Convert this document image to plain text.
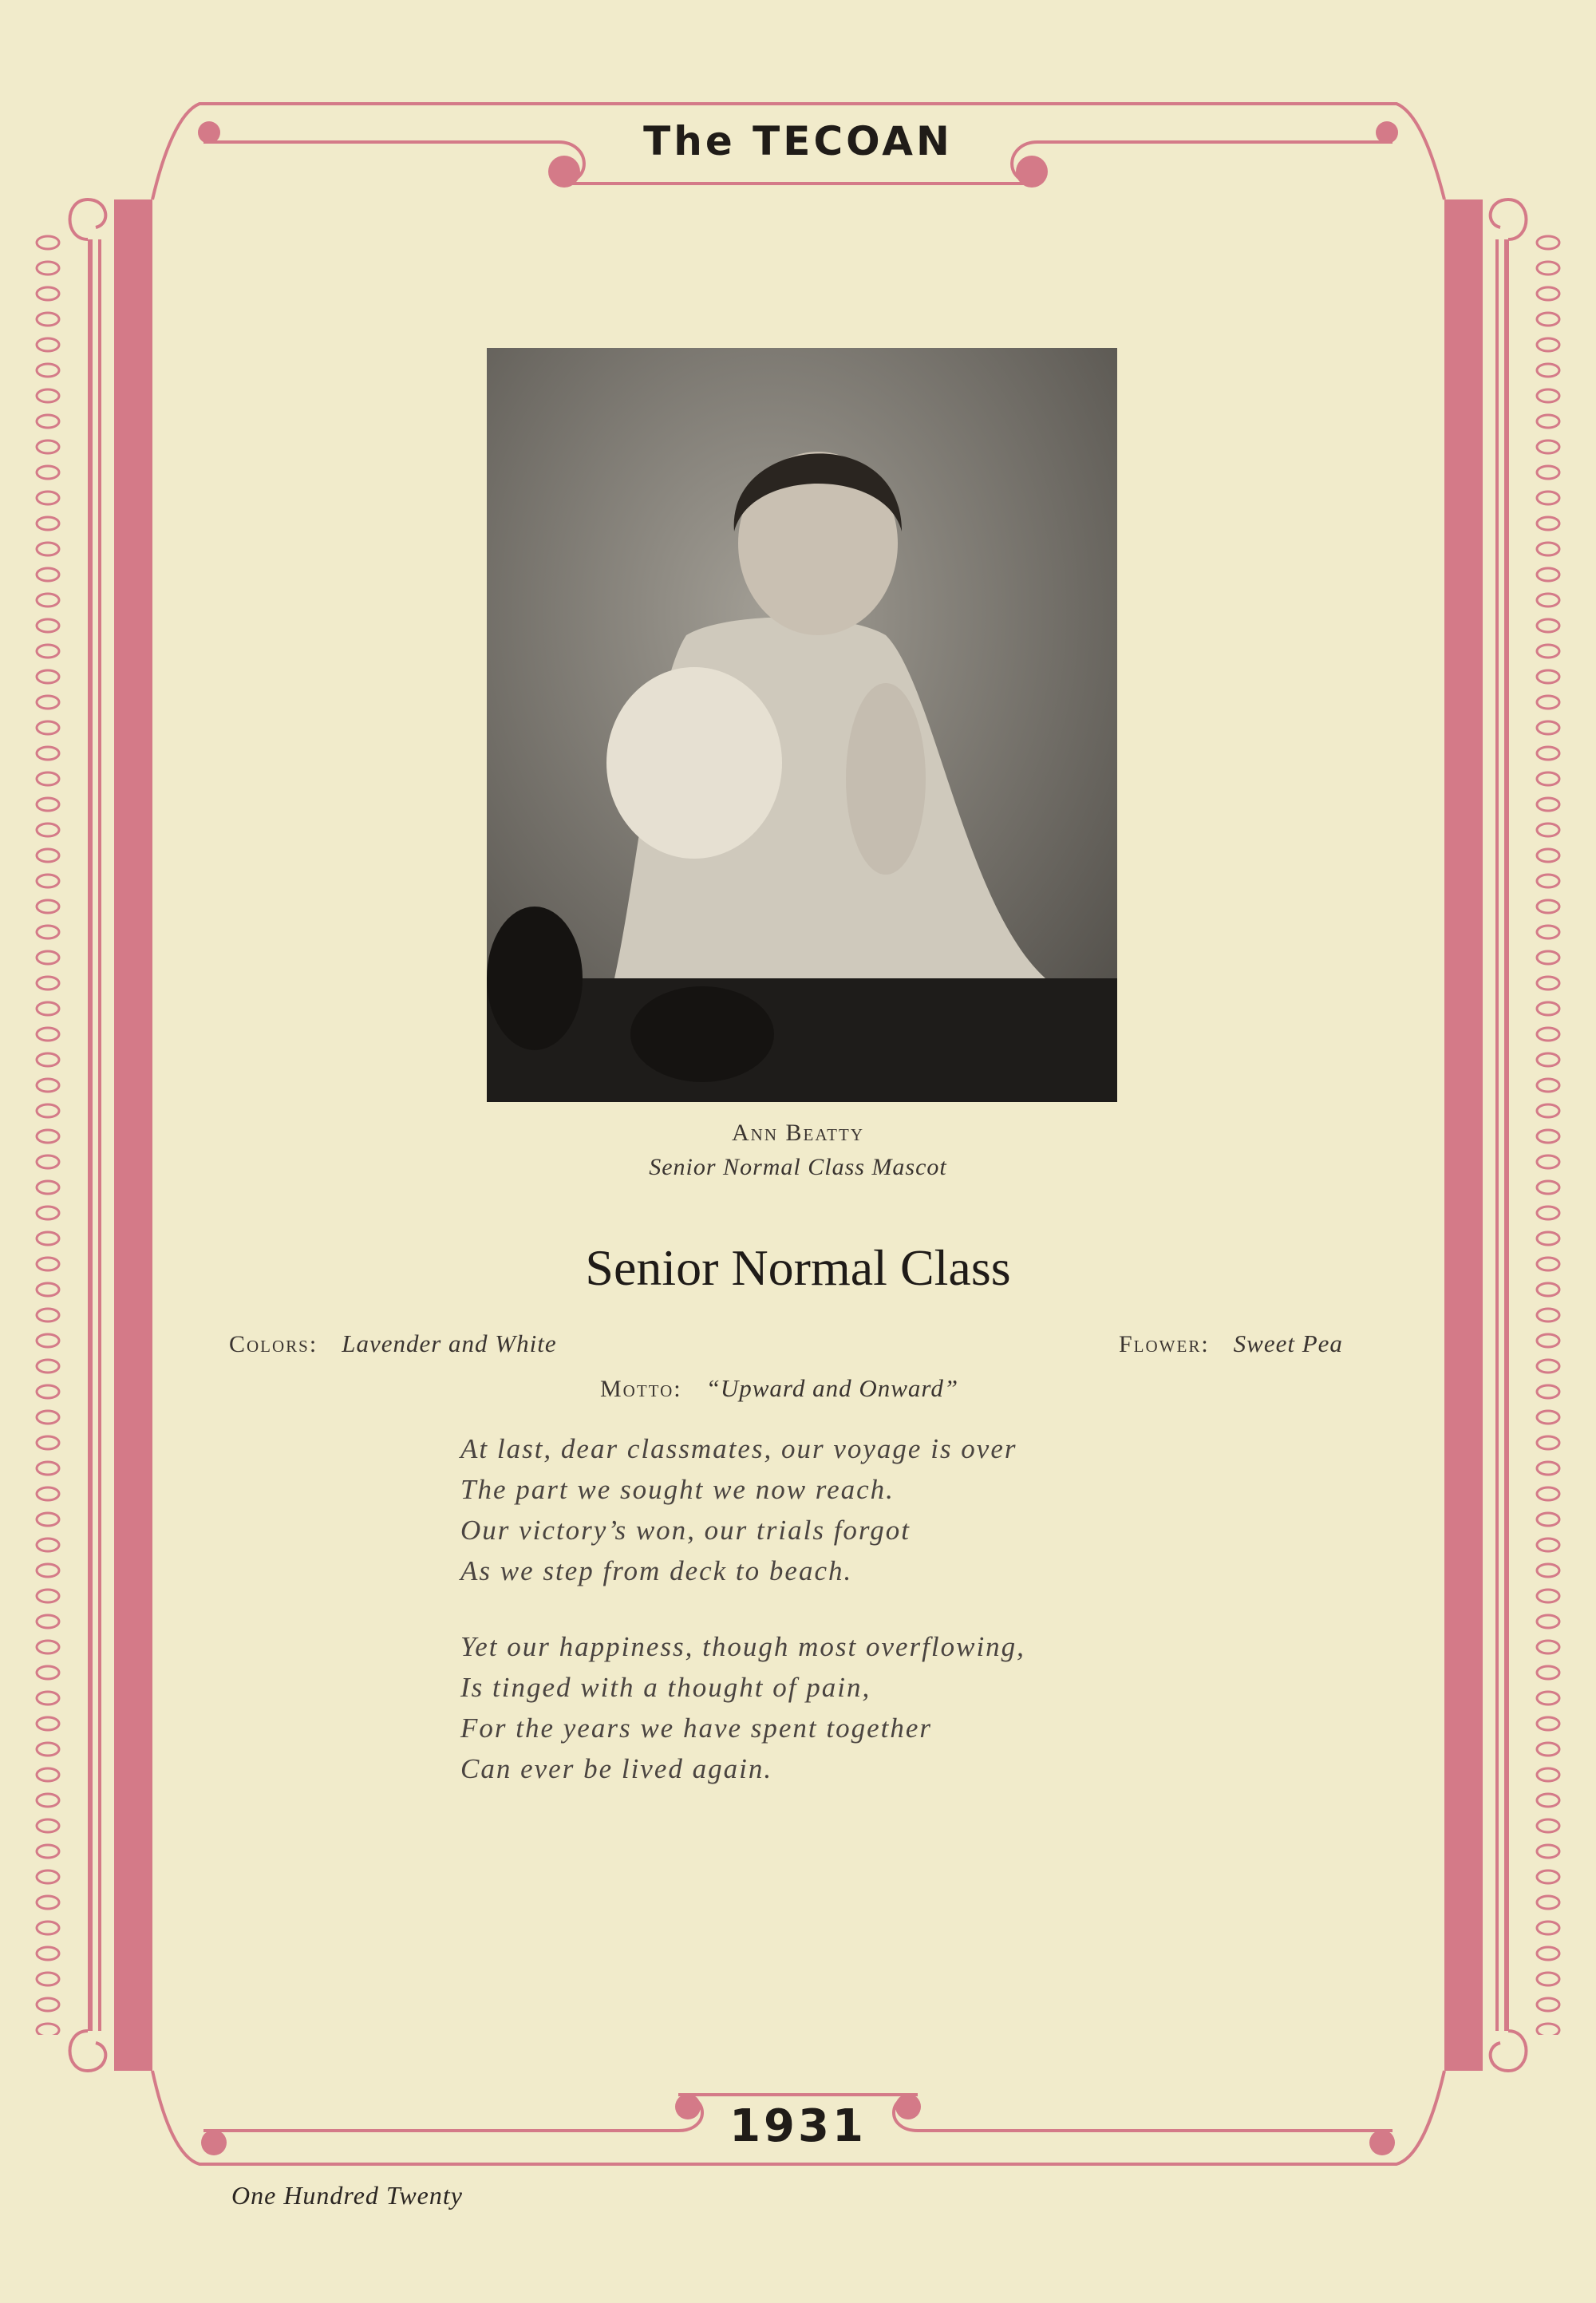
The TECOAN
Ann Beatty
Senior Normal Class Mascot
Senior Normal Class
Colors: Lavender and White	Flower: Sweet Pea
Motto: “Upward and Onward”
At last, dear classmates, our voyage is over
The part we sought we now reach.
Our victory’s won, our trials forgot
As we step from deck to beach.
Yet our happiness, though most overflowing,
Is tinged with a thought of pain,
For the years we have spent together
Can ever be lived again.
1931
One Hundred Twenty
